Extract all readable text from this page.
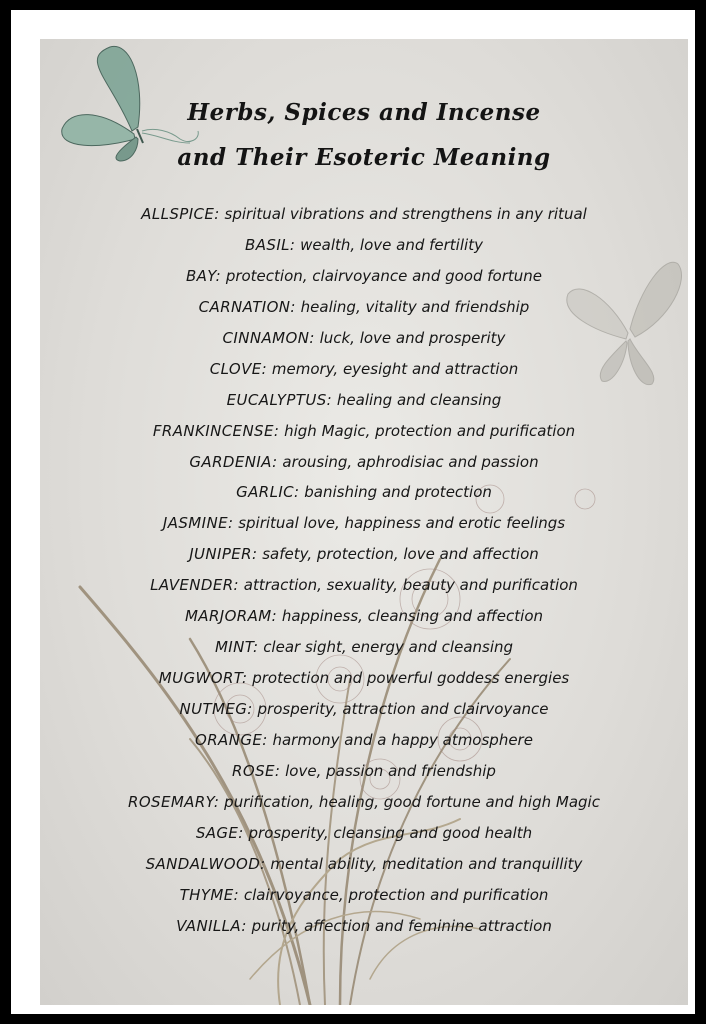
Herbs, Spices and Incense
and Their Esoteric Meaning
ALLSPICE: spiritual vibrations and strengthens in any ritual
BASIL: wealth, love and fertility
BAY: protection, clairvoyance and good fortune
CARNATION: healing, vitality and friendship
CINNAMON: luck, love and prosperity
CLOVE: memory, eyesight and attraction
EUCALYPTUS: healing and cleansing
FRANKINCENSE: high Magic, protection and purification
GARDENIA: arousing, aphrodisiac and passion
GARLIC: banishing and protection
JASMINE: spiritual love, happiness and erotic feelings
JUNIPER: safety, protection, love and affection
LAVENDER: attraction, sexuality, beauty and purification
MARJORAM: happiness, cleansing and affection
MINT: clear sight, energy and cleansing
MUGWORT: protection and powerful goddess energies
NUTMEG: prosperity, attraction and clairvoyance
ORANGE: harmony and a happy atmosphere
ROSE: love, passion and friendship
ROSEMARY: purification, healing, good fortune and high Magic
SAGE: prosperity, cleansing and good health
SANDALWOOD: mental ability, meditation and tranquillity
THYME: clairvoyance, protection and purification
VANILLA: purity, affection and feminine attraction
